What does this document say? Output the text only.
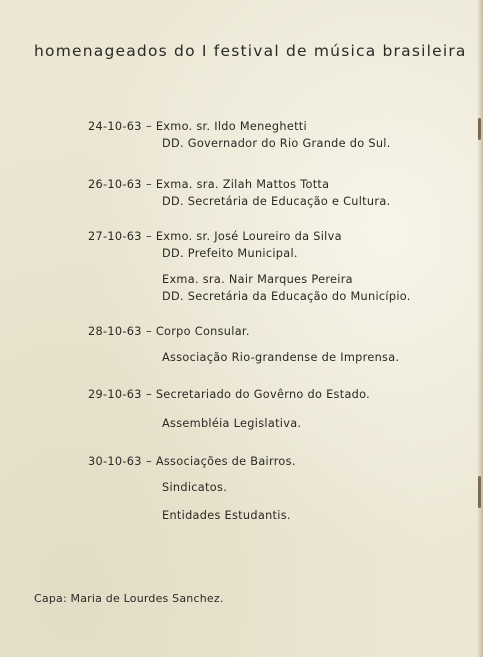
homenageados do I festival de música brasileira
24-10-63 – Exmo. sr. Ildo Meneghetti
DD. Governador do Rio Grande do Sul.
26-10-63 – Exma. sra. Zilah Mattos Totta
DD. Secretária de Educação e Cultura.
27-10-63 – Exmo. sr. José Loureiro da Silva
DD. Prefeito Municipal.
Exma. sra. Nair Marques Pereira
DD. Secretária da Educação do Município.
28-10-63 – Corpo Consular.
Associação Rio-grandense de Imprensa.
29-10-63 – Secretariado do Govêrno do Estado.
Assembléia Legislativa.
30-10-63 – Associações de Bairros.
Sindicatos.
Entidades Estudantis.
Capa: Maria de Lourdes Sanchez.
